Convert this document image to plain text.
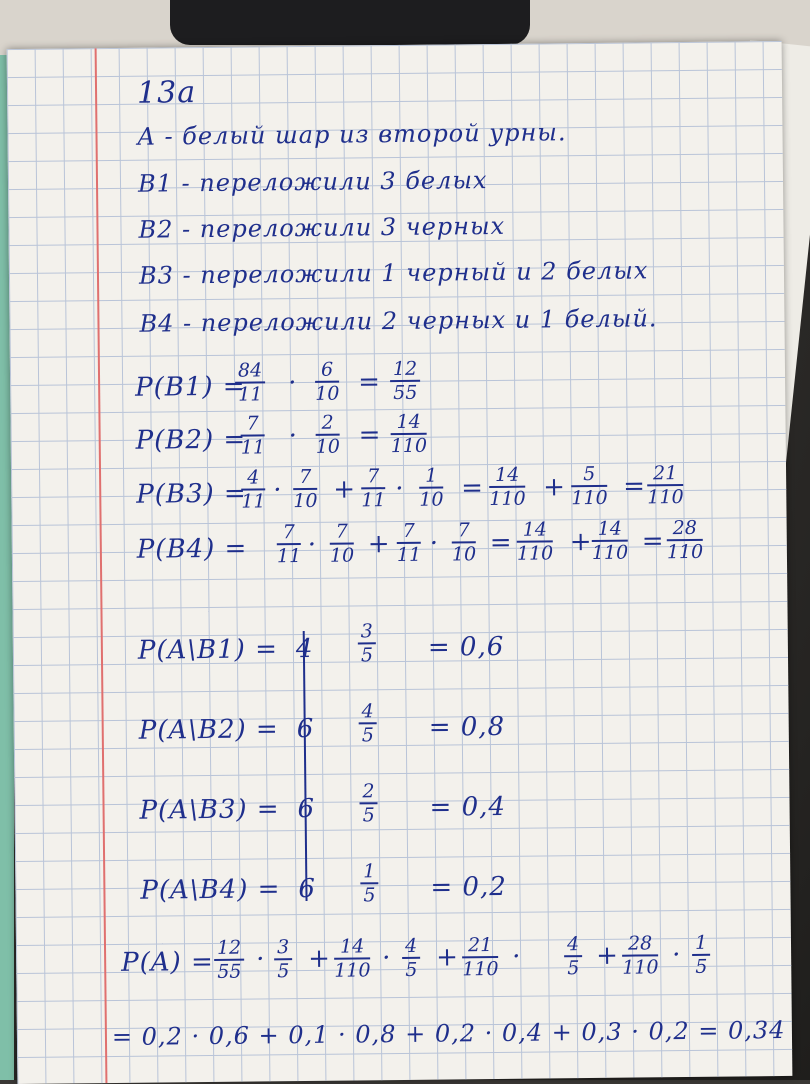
13а
A - белый шар из второй урны.
B1 - переложили 3 белых
B2 - переложили 3 черных
B3 - переложили 1 черный и 2 белых
B4 - переложили 2 черных и 1 белый.
P(B1) =
$\frac{84}{11} \cdot \frac{6}{10} = \frac{12}{55}$
P(B2) =
$\frac{7}{11} \cdot \frac{2}{10} = \frac{14}{110}$
P(B3) =
$\frac{4}{11} \cdot \frac{7}{10} + \frac{7}{11} \cdot \frac{1}{10} = \frac{14}{110} + \frac{5}{110} = \frac{21}{110}$
$P(B4) = \frac{7}{11} \cdot \frac{7}{10} + \frac{7}{11} \cdot \frac{7}{10} = \frac{14}{110}$ +
$\frac{14}{110} = \frac{28}{110}$
P(A\B1) = $4 \frac{3}{5} = 0,6$
P(A\B2) = $6 \frac{4}{5} = 0,8$
P(A\B3) = $6 \frac{2}{5} = 0,4$
P(A\B4) = $6 \frac{1}{5} = 0,2$
$P(A) = \frac{12}{55} \cdot \frac{3}{5} + \frac{14}{110} \cdot \frac{4}{5} + \frac{21}{110} \cdot \frac{4}{5} + \frac{28}{110} \cdot \frac{1}{5}$
= 0,2 · 0,6 + 0,1 · 0,8 + 0,2 · 0,4 + 0,3 · 0,2 = 0,34
